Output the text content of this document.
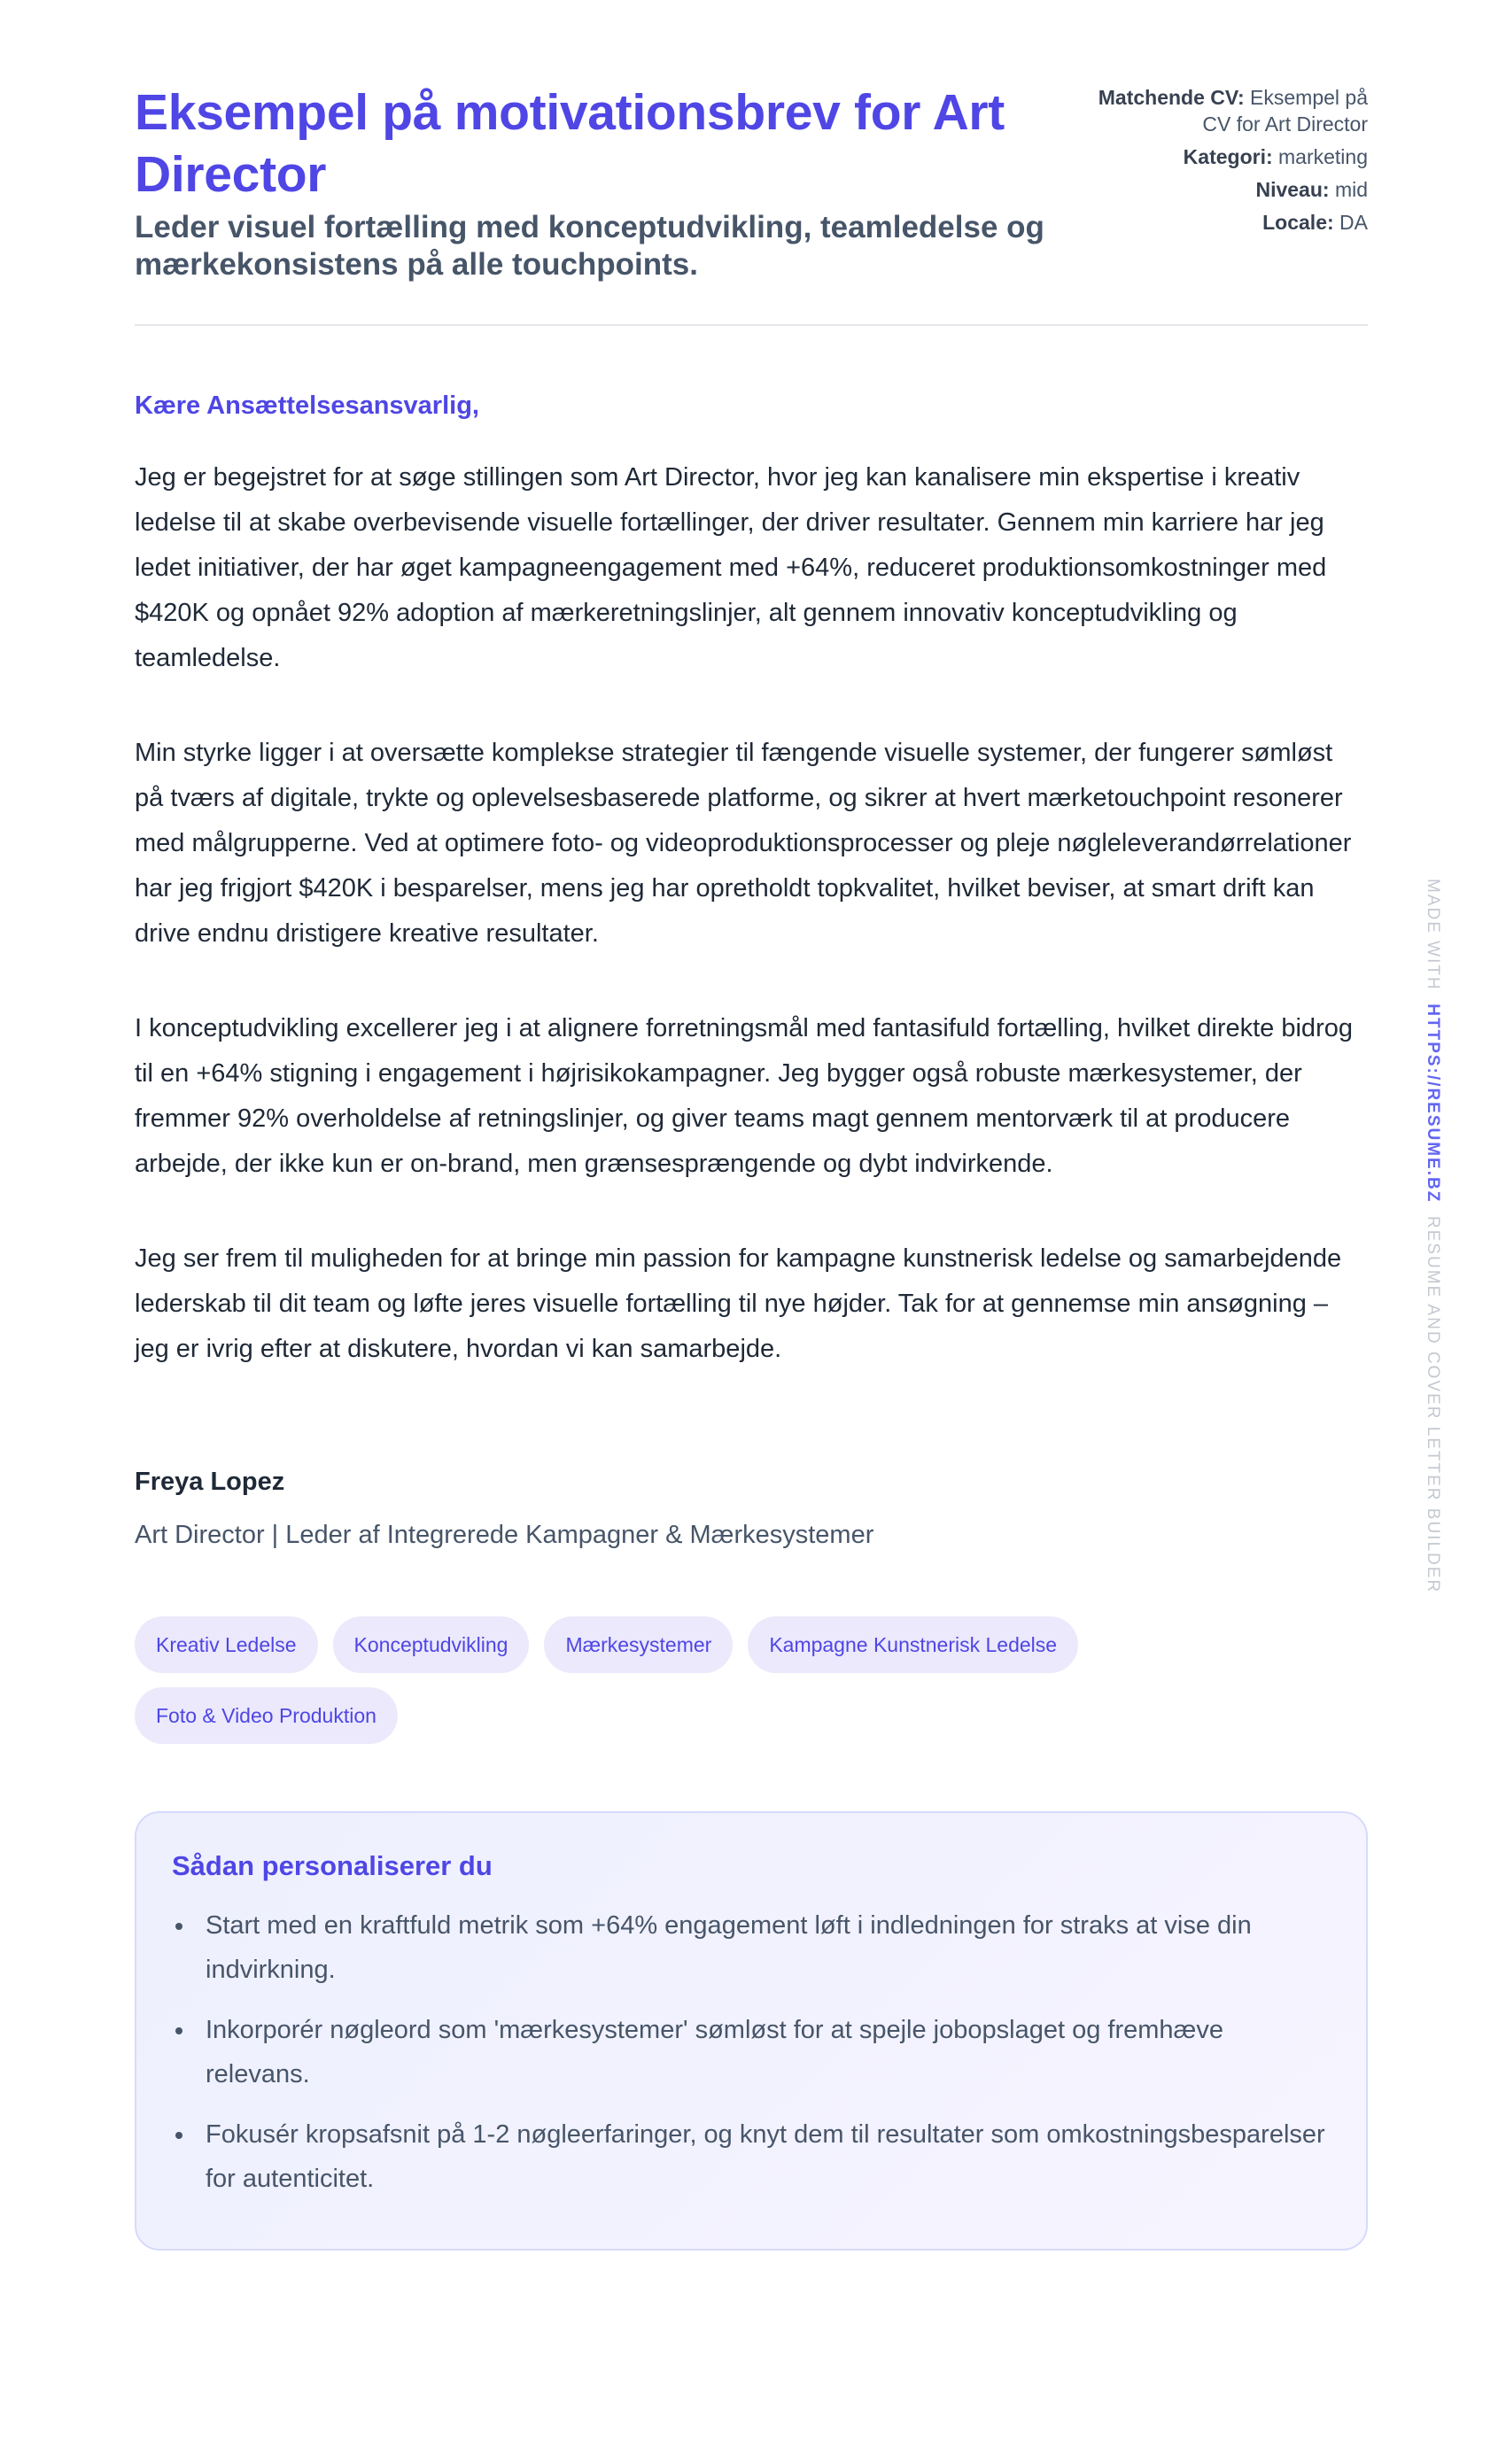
Eksempel på motivationsbrev for Art Director
Leder visuel fortælling med konceptudvikling, teamledelse og mærkekonsistens på alle touchpoints.
Matchende CV: Eksempel på CV for Art Director
Kategori: marketing
Niveau: mid
Locale: DA
Kære Ansættelsesansvarlig,

Jeg er begejstret for at søge stillingen som Art Director, hvor jeg kan kanalisere min ekspertise i kreativ ledelse til at skabe overbevisende visuelle fortællinger, der driver resultater. Gennem min karriere har jeg ledet initiativer, der har øget kampagneengagement med +64%, reduceret produktionsomkostninger med $420K og opnået 92% adoption af mærkeretningslinjer, alt gennem innovativ konceptudvikling og teamledelse.

Min styrke ligger i at oversætte komplekse strategier til fængende visuelle systemer, der fungerer sømløst på tværs af digitale, trykte og oplevelsesbaserede platforme, og sikrer at hvert mærketouchpoint resonerer med målgrupperne. Ved at optimere foto- og videoproduktionsprocesser og pleje nøgleleverandørrelationer har jeg frigjort $420K i besparelser, mens jeg har opretholdt topkvalitet, hvilket beviser, at smart drift kan drive endnu dristigere kreative resultater.

I konceptudvikling excellerer jeg i at alignere forretningsmål med fantasifuld fortælling, hvilket direkte bidrog til en +64% stigning i engagement i højrisikokampagner. Jeg bygger også robuste mærkesystemer, der fremmer 92% overholdelse af retningslinjer, og giver teams magt gennem mentorværk til at producere arbejde, der ikke kun er on-brand, men grænsesprængende og dybt indvirkende.

Jeg ser frem til muligheden for at bringe min passion for kampagne kunstnerisk ledelse og samarbejdende lederskab til dit team og løfte jeres visuelle fortælling til nye højder. Tak for at gennemse min ansøgning – jeg er ivrig efter at diskutere, hvordan vi kan samarbejde.

Freya Lopez
Art Director | Leder af Integrerede Kampagner & Mærkesystemer
Kreativ Ledelse	Konceptudvikling	Mærkesystemer	Kampagne Kunstnerisk Ledelse
Foto & Video Produktion
Sådan personaliserer du
Start med en kraftfuld metrik som +64% engagement løft i indledningen for straks at vise din indvirkning.
Inkorporér nøgleord som 'mærkesystemer' sømløst for at spejle jobopslaget og fremhæve relevans.
Fokusér kropsafsnit på 1-2 nøgleerfaringer, og knyt dem til resultater som omkostningsbesparelser for autenticitet.
MADE WITH  HTTPS://RESUME.BZ  RESUME AND COVER LETTER BUILDER
